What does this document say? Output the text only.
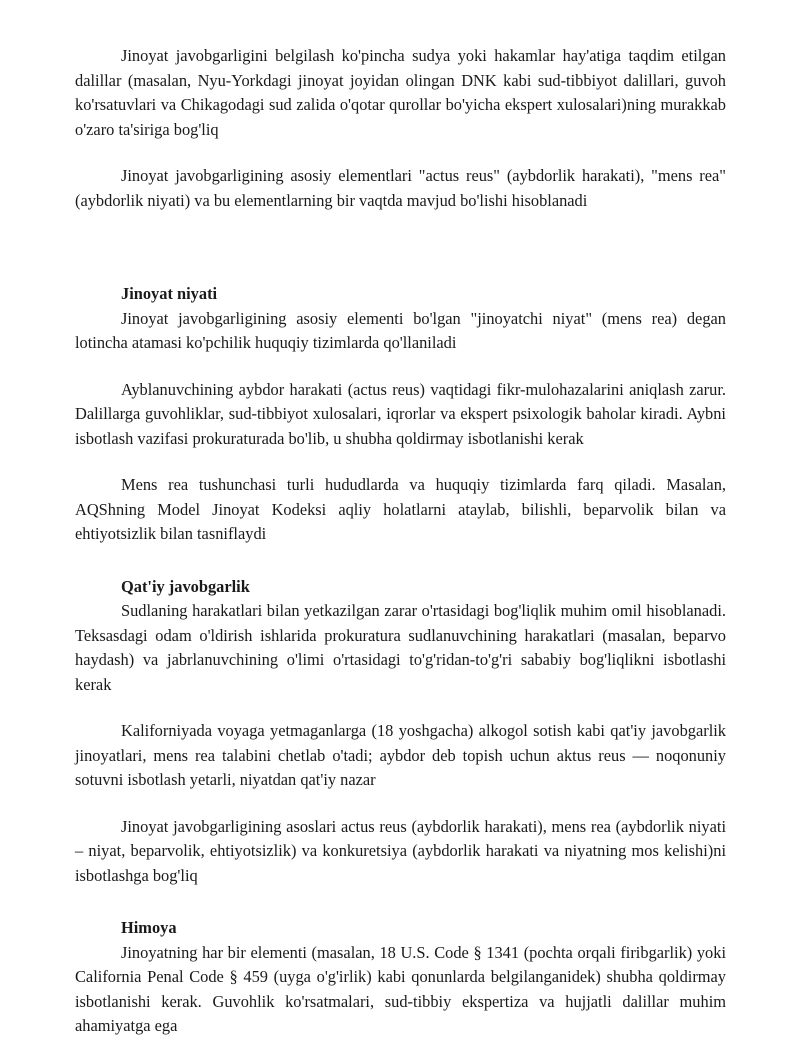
Jinoyat javobgarligini belgilash ko'pincha sudya yoki hakamlar hay'atiga taqdim etilgan dalillar (masalan, Nyu-Yorkdagi jinoyat joyidan olingan DNK kabi sud-tibbiyot dalillari, guvoh ko'rsatuvlari va Chikagodagi sud zalida o'qotar qurollar bo'yicha ekspert xulosalari)ning murakkab o'zaro ta'siriga bog'liq

Jinoyat javobgarligining asosiy elementlari "actus reus" (aybdorlik harakati), "mens rea" (aybdorlik niyati) va bu elementlarning bir vaqtda mavjud bo'lishi hisoblanadi

Jinoyat niyati

Jinoyat javobgarligining asosiy elementi bo'lgan "jinoyatchi niyat" (mens rea) degan lotincha atamasi ko'pchilik huquqiy tizimlarda qo'llaniladi

Ayblanuvchining aybdor harakati (actus reus) vaqtidagi fikr-mulohazalarini aniqlash zarur. Dalillarga guvohliklar, sud-tibbiyot xulosalari, iqrorlar va ekspert psixologik baholar kiradi. Aybni isbotlash vazifasi prokuraturada bo'lib, u shubha qoldirmay isbotlanishi kerak

Mens rea tushunchasi turli hududlarda va huquqiy tizimlarda farq qiladi. Masalan, AQShning Model Jinoyat Kodeksi aqliy holatlarni ataylab, bilishli, beparvolik bilan va ehtiyotsizlik bilan tasniflaydi

Qat'iy javobgarlik

Sudlaning harakatlari bilan yetkazilgan zarar o'rtasidagi bog'liqlik muhim omil hisoblanadi. Teksasdagi odam o'ldirish ishlarida prokuratura sudlanuvchining harakatlari (masalan, beparvo haydash) va jabrlanuvchining o'limi o'rtasidagi to'g'ridan-to'g'ri sababiy bog'liqlikni isbotlashi kerak

Kaliforniyada voyaga yetmaganlarga (18 yoshgacha) alkogol sotish kabi qat'iy javobgarlik jinoyatlari, mens rea talabini chetlab o'tadi; aybdor deb topish uchun aktus reus — noqonuniy sotuvni isbotlash yetarli, niyatdan qat'iy nazar

Jinoyat javobgarligining asoslari actus reus (aybdorlik harakati), mens rea (aybdorlik niyati – niyat, beparvolik, ehtiyotsizlik) va konkuretsiya (aybdorlik harakati va niyatning mos kelishi)ni isbotlashga bog'liq

Himoya

Jinoyatning har bir elementi (masalan, 18 U.S. Code § 1341 (pochta orqali firibgarlik) yoki California Penal Code § 459 (uyga o'g'irlik) kabi qonunlarda belgilanganidek) shubha qoldirmay isbotlanishi kerak. Guvohlik ko'rsatmalari, sud-tibbiy ekspertiza va hujjatli dalillar muhim ahamiyatga ega
